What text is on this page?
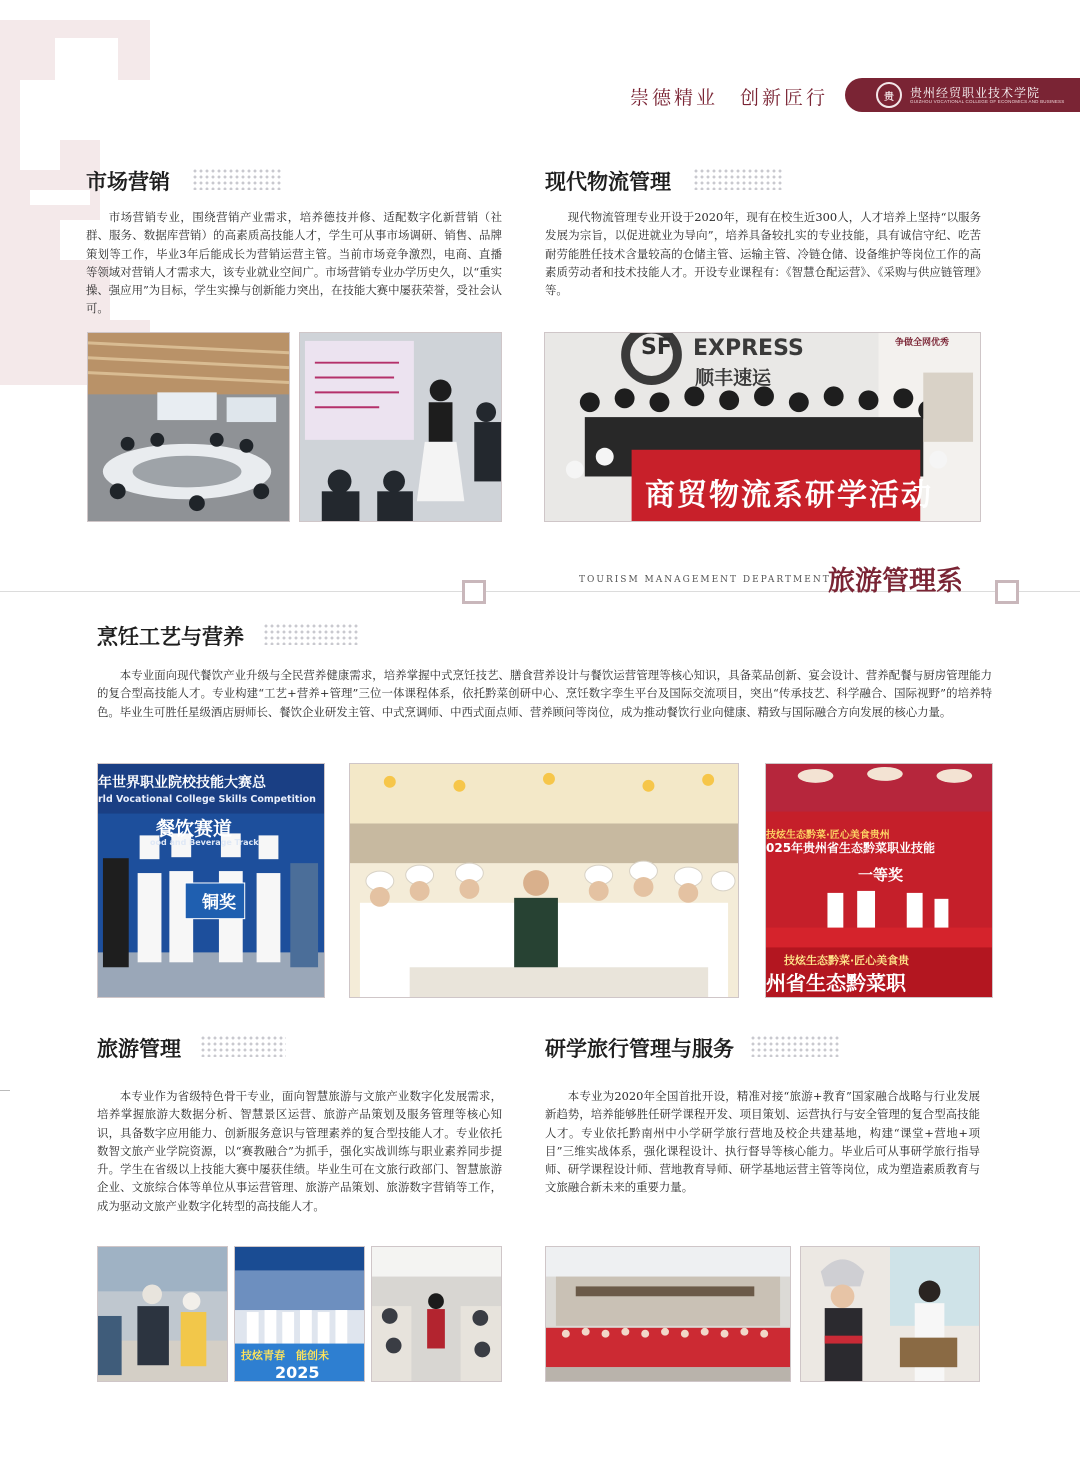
崇德精业　创新匠行	贵	贵州经贸职业技术学院
GUIZHOU VOCATIONAL COLLEGE OF ECONOMICS AND BUSINESS
市场营销

市场营销专业，围绕营销产业需求，培养德技并修、适配数字化新营销（社群、服务、数据库营销）的高素质高技能人才，学生可从事市场调研、销售、品牌策划等工作，毕业3年后能成长为营销运营主管。当前市场竞争激烈，电商、直播等领域对营销人才需求大，该专业就业空间广。市场营销专业办学历史久，以“重实操、强应用”为目标，学生实操与创新能力突出，在技能大赛中屡获荣誉，受社会认可。

现代物流管理

现代物流管理专业开设于2020年，现有在校生近300人，人才培养上坚持“以服务发展为宗旨，以促进就业为导向”，培养具备较扎实的专业技能，具有诚信守纪、吃苦耐劳能胜任技术含量较高的仓储主管、运输主管、冷链仓储、设备维护等岗位工作的高素质劳动者和技术技能人才。开设专业课程有：《智慧仓配运营》、《采购与供应链管理》等。

SF EXPRESS
顺丰速运
争做全网优秀
商贸物流系研学活动
TOURISM MANAGEMENT DEPARTMENT
旅游管理系
烹饪工艺与营养

本专业面向现代餐饮产业升级与全民营养健康需求，培养掌握中式烹饪技艺、膳食营养设计与餐饮运营管理等核心知识，具备菜品创新、宴会设计、营养配餐与厨房管理能力的复合型高技能人才。专业构建“工艺+营养+管理”三位一体课程体系，依托黔菜创研中心、烹饪数字孪生平台及国际交流项目，突出“传承技艺、科学融合、国际视野”的培养特色。毕业生可胜任星级酒店厨师长、餐饮企业研发主管、中式烹调师、中西式面点师、营养顾问等岗位，成为推动餐饮行业向健康、精致与国际融合方向发展的核心力量。

年世界职业院校技能大赛总
rld Vocational College Skills Competition
餐饮赛道
ood and Beverage Track
铜奖
技炫生态黔菜·匠心美食贵州
025年贵州省生态黔菜职业技能
一等奖
技炫生态黔菜·匠心美食贵
州省生态黔菜职
旅游管理

本专业作为省级特色骨干专业，面向智慧旅游与文旅产业数字化发展需求，培养掌握旅游大数据分析、智慧景区运营、旅游产品策划及服务管理等核心知识，具备数字应用能力、创新服务意识与管理素养的复合型技能人才。专业依托数智文旅产业学院资源，以“赛教融合”为抓手，强化实战训练与职业素养同步提升。学生在省级以上技能大赛中屡获佳绩。毕业生可在文旅行政部门、智慧旅游企业、文旅综合体等单位从事运营管理、旅游产品策划、旅游数字营销等工作，成为驱动文旅产业数字化转型的高技能人才。

技炫青春　能创未
2025
研学旅行管理与服务

本专业为2020年全国首批开设，精准对接“旅游+教育”国家融合战略与行业发展新趋势，培养能够胜任研学课程开发、项目策划、运营执行与安全管理的复合型高技能人才。专业依托黔南州中小学研学旅行营地及校企共建基地，构建“课堂+营地+项目”三维实战体系，强化课程设计、执行督导等核心能力。毕业后可从事研学旅行指导师、研学课程设计师、营地教育导师、研学基地运营主管等岗位，成为塑造素质教育与文旅融合新未来的重要力量。
